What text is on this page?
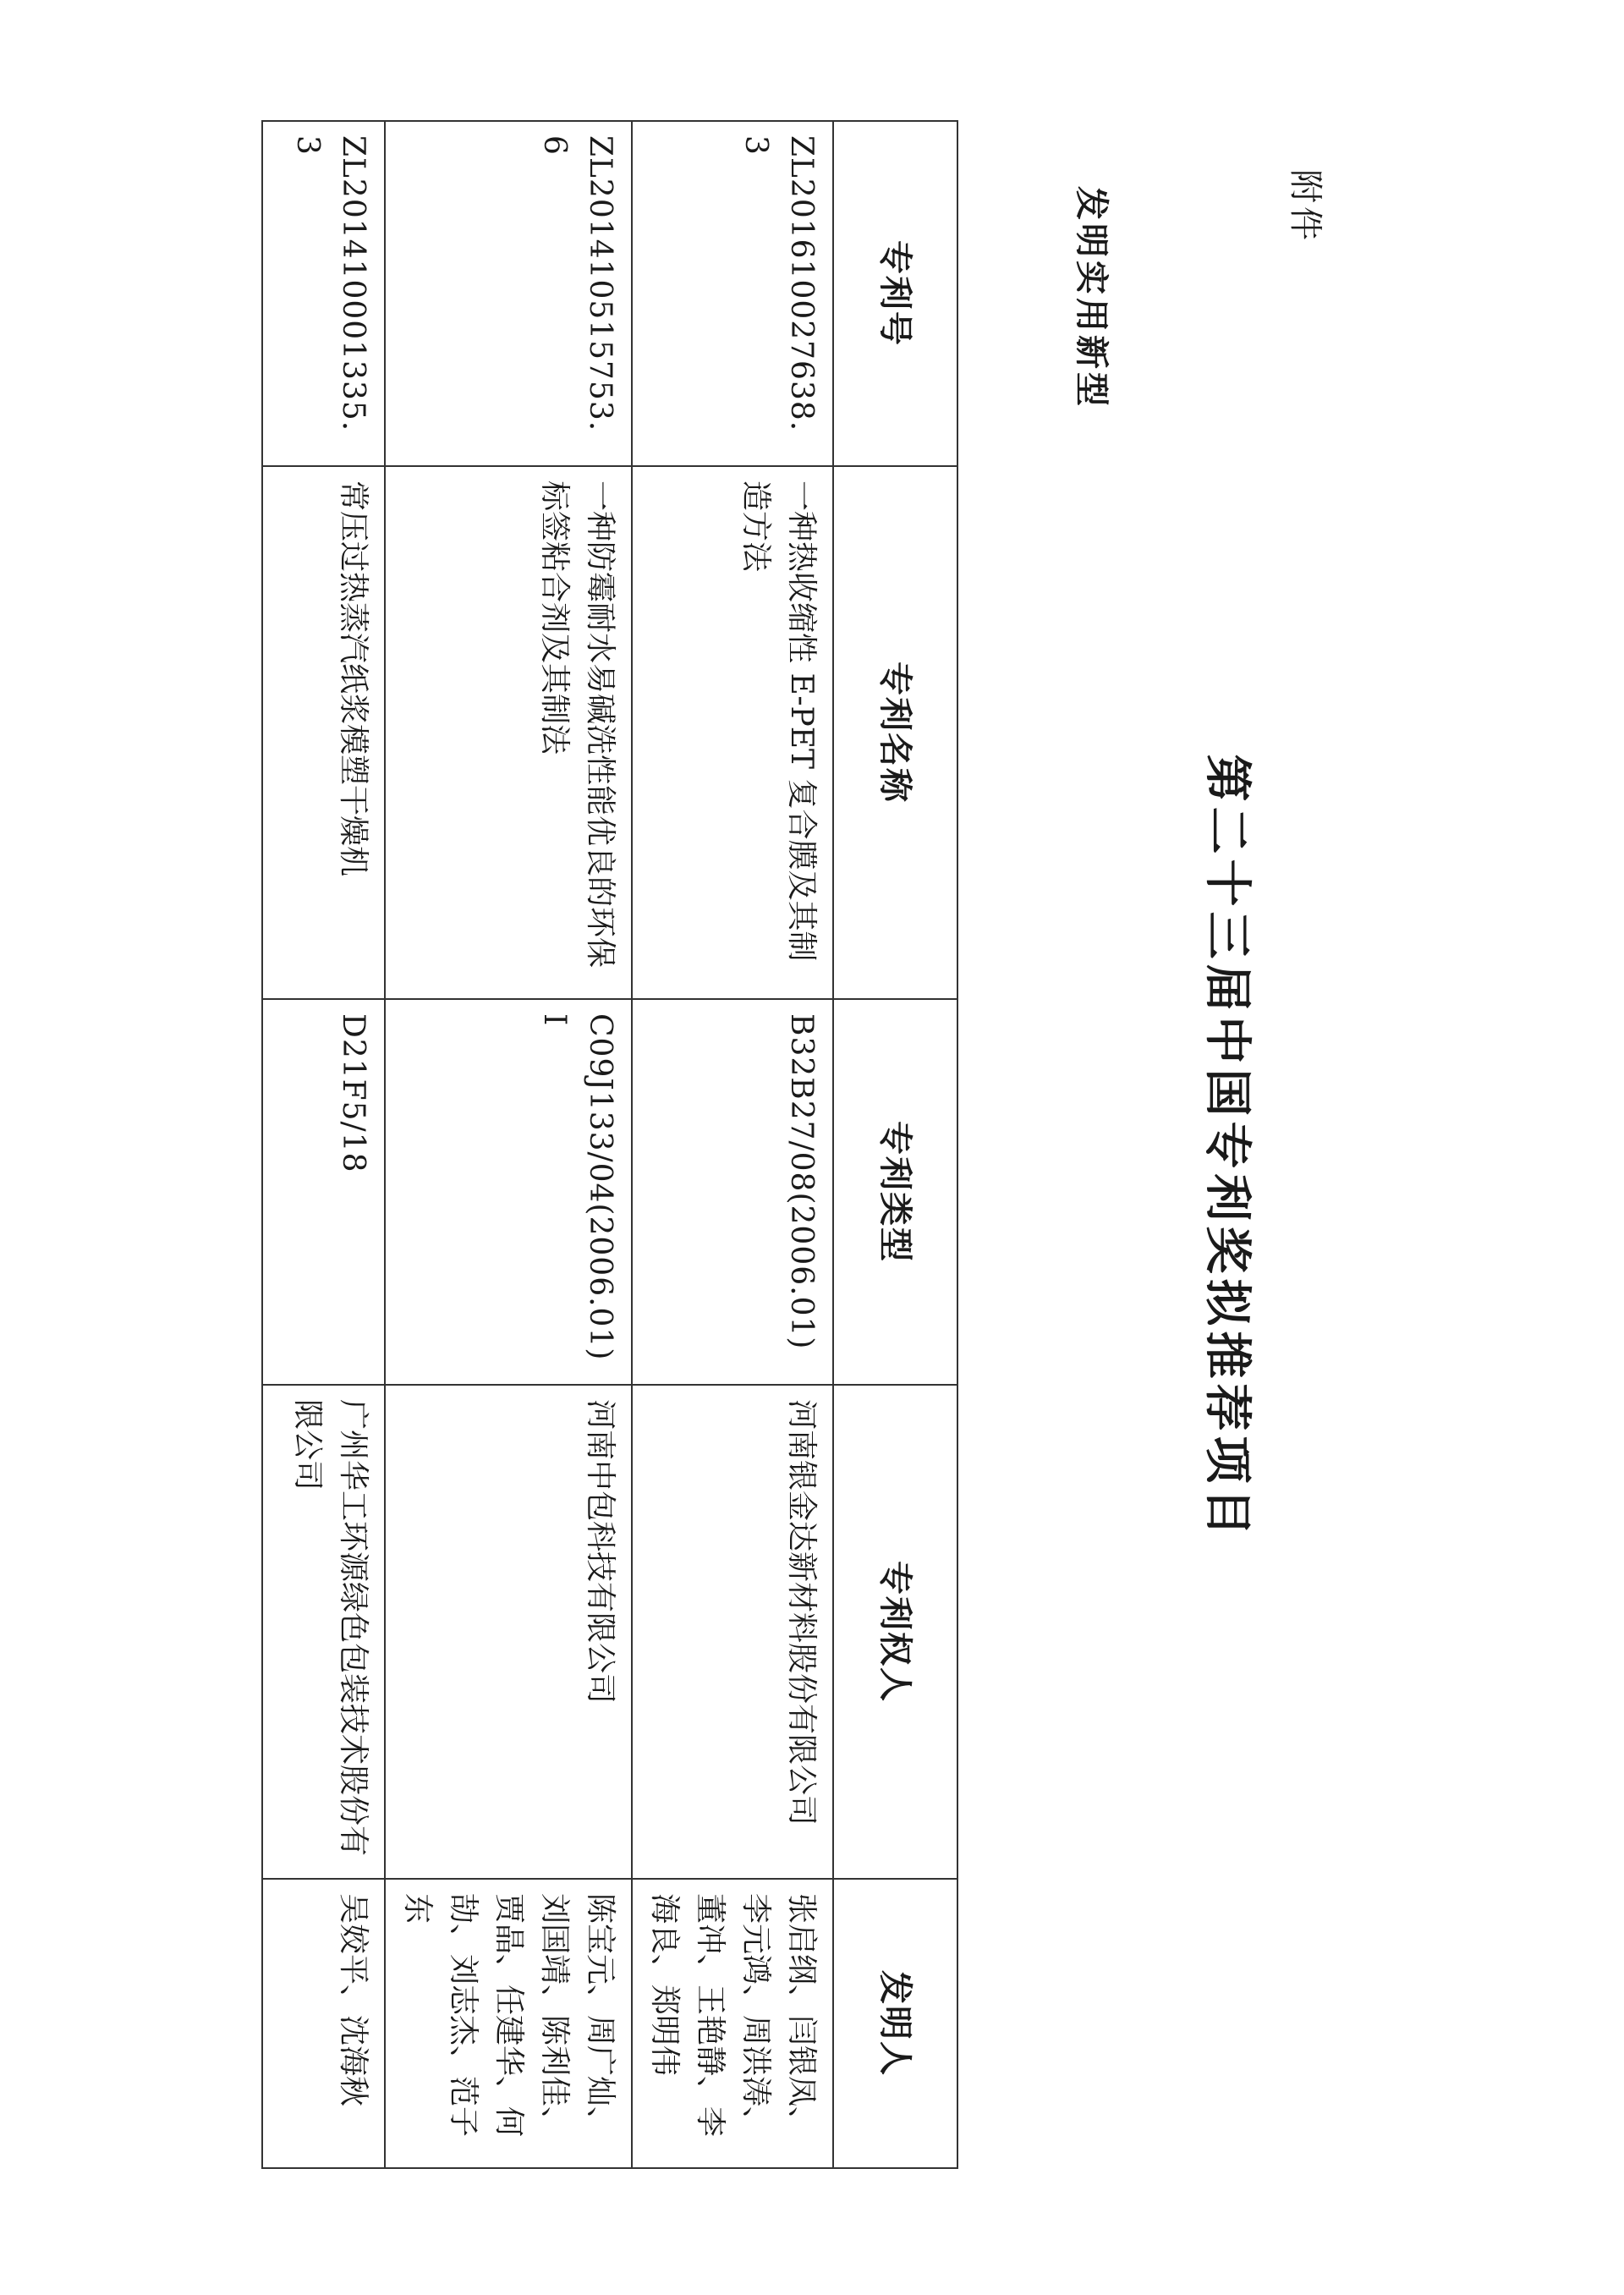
附件
第二十三届中国专利奖拟推荐项目
发明实用新型
专利号	专利名称	专利类型	专利权人	发明人
ZL201610027638.3	一种热收缩性 E-PET 复合膜及其制造方法	B32B27/08(2006.01)	河南银金达新材料股份有限公司	张启纲、闫银凤、李元鸿、周洪涛、董冲、王艳静、李海良、郑明伟
ZL201410515753.6	一种防霉耐水易碱洗性能优良的环保标签粘合剂及其制法	C09J133/04(2006.01)I	河南中包科技有限公司	陈宝元、周广灿、刘国靖、陈利佳、贾晶、任建华、何劼、刘志杰、范子东
ZL201410001335.3	常压过热蒸汽纸浆模塑干燥机	D21F5/18	广州华工环源绿色包装技术股份有限公司	吴姣平、沈海秋
